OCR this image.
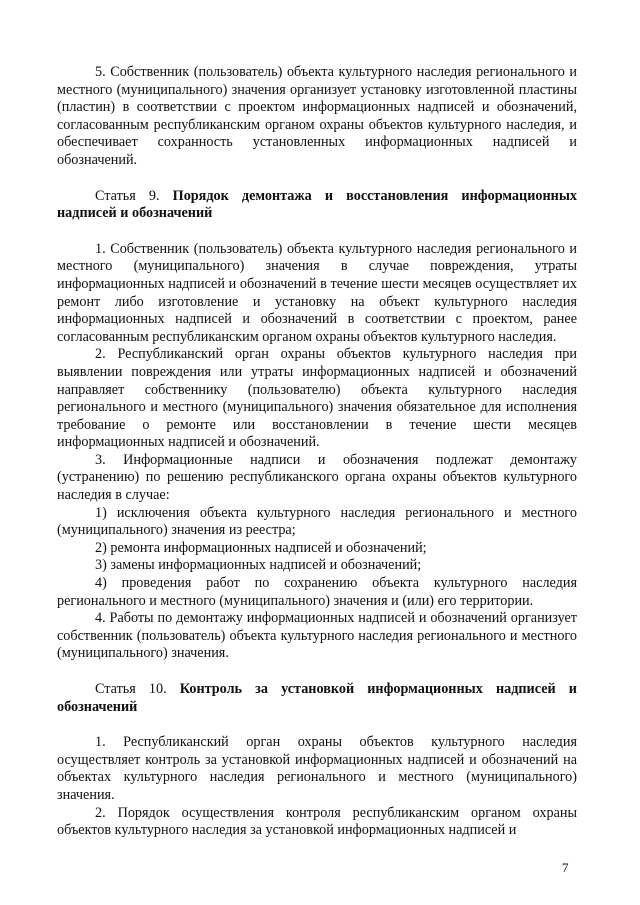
5. Собственник (пользователь) объекта культурного наследия регионального и местного (муниципального) значения организует установку изготовленной пластины (пластин) в соответствии с проектом информационных надписей и обозначений, согласованным республиканским органом охраны объектов культурного наследия, и обеспечивает сохранность установленных информационных надписей и обозначений.

Статья 9. Порядок демонтажа и восстановления информационных надписей и обозначений

1. Собственник (пользователь) объекта культурного наследия регионального и местного (муниципального) значения в случае повреждения, утраты информационных надписей и обозначений в течение шести месяцев осуществляет их ремонт либо изготовление и установку на объект культурного наследия информационных надписей и обозначений в соответствии с проектом, ранее согласованным республиканским органом охраны объектов культурного наследия.

2. Республиканский орган охраны объектов культурного наследия при выявлении повреждения или утраты информационных надписей и обозначений направляет собственнику (пользователю) объекта культурного наследия регионального и местного (муниципального) значения обязательное для исполнения требование о ремонте или восстановлении в течение шести месяцев информационных надписей и обозначений.

3. Информационные надписи и обозначения подлежат демонтажу (устранению) по решению республиканского органа охраны объектов культурного наследия в случае:

1) исключения объекта культурного наследия регионального и местного (муниципального) значения из реестра;

2) ремонта информационных надписей и обозначений;

3) замены информационных надписей и обозначений;

4) проведения работ по сохранению объекта культурного наследия регионального и местного (муниципального) значения и (или) его территории.

4. Работы по демонтажу информационных надписей и обозначений организует собственник (пользователь) объекта культурного наследия регионального и местного (муниципального) значения.

Статья 10. Контроль за установкой информационных надписей и обозначений

1. Республиканский орган охраны объектов культурного наследия осуществляет контроль за установкой информационных надписей и обозначений на объектах культурного наследия регионального и местного (муниципального) значения.

2. Порядок осуществления контроля республиканским органом охраны объектов культурного наследия за установкой информационных надписей и

7
